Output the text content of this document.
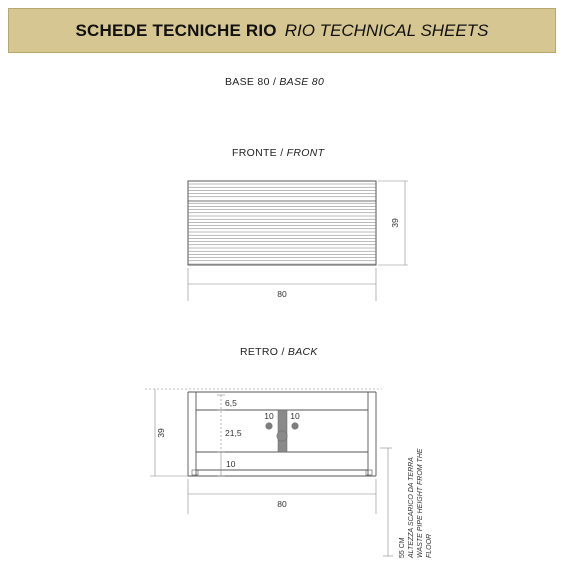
SCHEDE TECNICHE RIO RIO TECHNICAL SHEETS
BASE 80 / BASE 80
FRONTE / FRONT
RETRO / BACK
80
39
10 10
6,5
21,5
10
39
80
55 CM ALTEZZA SCARICO DA TERRA WASTE PIPE HEIGHT FROM THE FLOOR
